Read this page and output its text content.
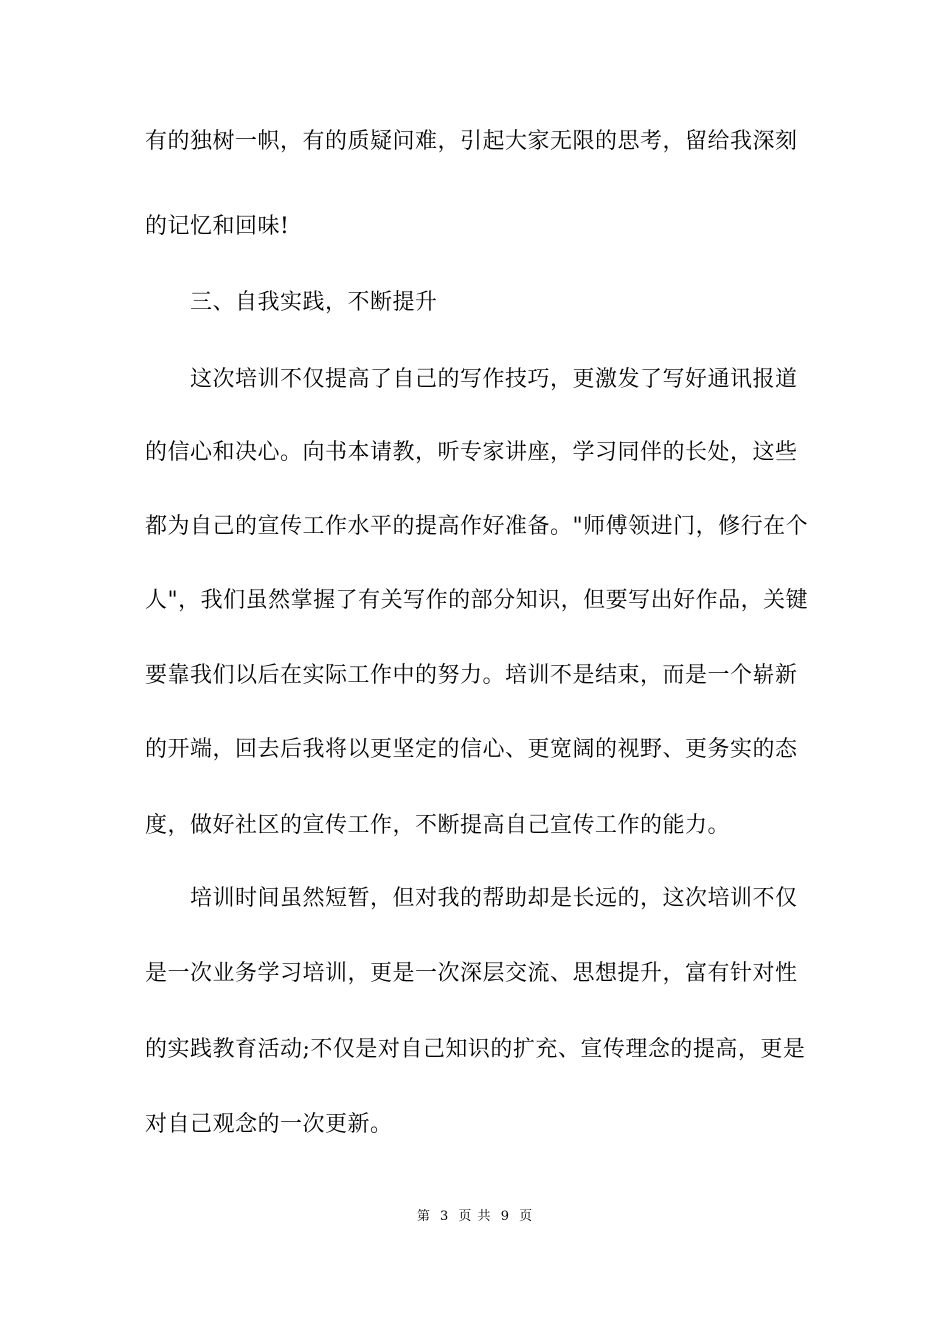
有的独树一帜，有的质疑问难，引起大家无限的思考，留给我深刻
的记忆和回味!
三、自我实践，不断提升
这次培训不仅提高了自己的写作技巧，更激发了写好通讯报道
的信心和决心。向书本请教，听专家讲座，学习同伴的长处，这些
都为自己的宣传工作水平的提高作好准备。"师傅领进门，修行在个
人"，我们虽然掌握了有关写作的部分知识，但要写出好作品，关键
要靠我们以后在实际工作中的努力。培训不是结束，而是一个崭新
的开端，回去后我将以更坚定的信心、更宽阔的视野、更务实的态
度，做好社区的宣传工作，不断提高自己宣传工作的能力。
培训时间虽然短暂，但对我的帮助却是长远的，这次培训不仅
是一次业务学习培训，更是一次深层交流、思想提升，富有针对性
的实践教育活动;不仅是对自己知识的扩充、宣传理念的提高，更是
对自己观念的一次更新。
第 3 页 共 9 页
